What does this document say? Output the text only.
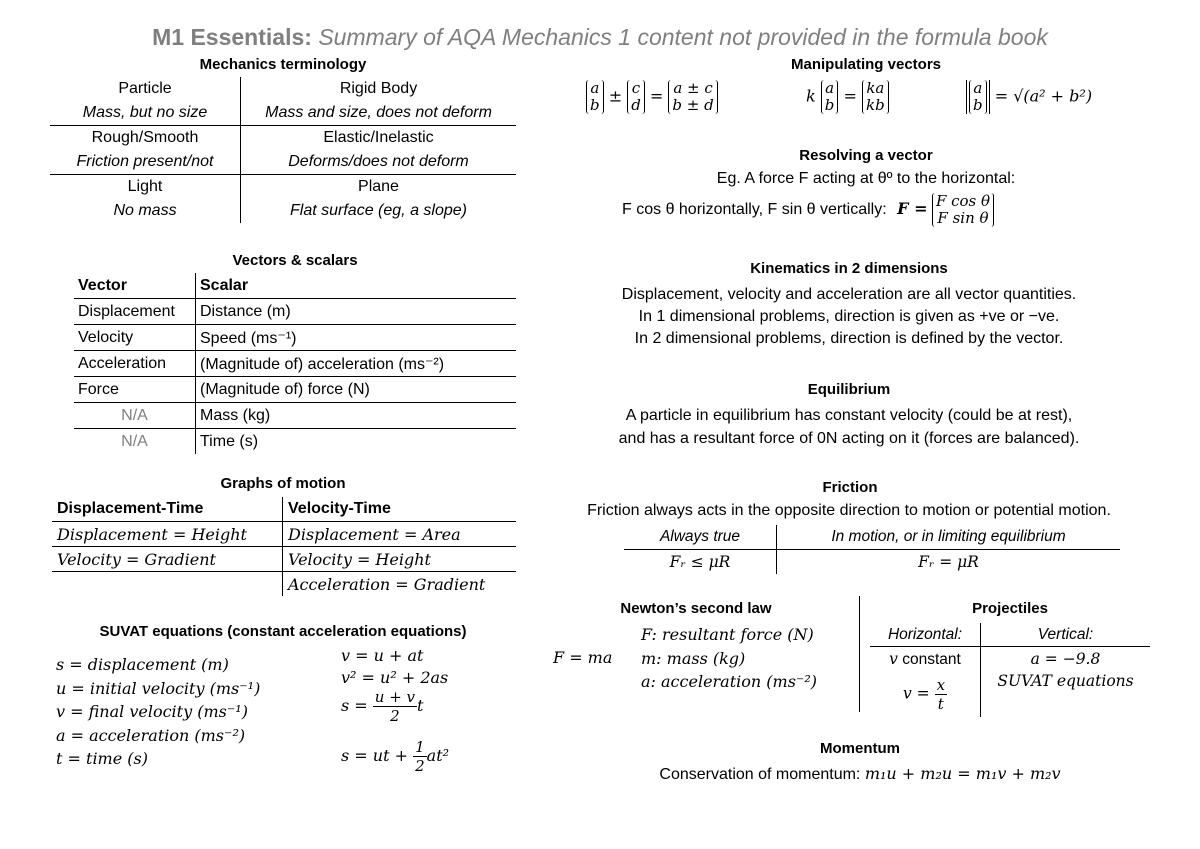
M1 Essentials: Summary of AQA Mechanics 1 content not provided in the formula book
Mechanics terminology
Particle	Rigid Body
Mass, but no size	Mass and size, does not deform
Rough/Smooth	Elastic/Inelastic
Friction present/not	Deforms/does not deform
Light	Plane
No mass	Flat surface (eg, a slope)
Vectors & scalars
Vector	Scalar
Displacement	Distance (m)
Velocity	Speed (ms⁻¹)
Acceleration	(Magnitude of) acceleration (ms⁻²)
Force	(Magnitude of) force (N)
N/A	Mass (kg)
N/A	Time (s)
Graphs of motion
Displacement-Time	Velocity-Time
Displacement = Height	Displacement = Area
Velocity = Gradient	Velocity = Height
	Acceleration = Gradient
SUVAT equations (constant acceleration equations)
s = displacement (m)
u = initial velocity (ms⁻¹)
v = final velocity (ms⁻¹)
a = acceleration (ms⁻²)
t = time (s)
v = u + at
v² = u² + 2as
$s = \frac{u + v}{2}$ t
s = ut + $\frac{1}{2} at^2$
Manipulating vectors
a
b ± c
d = a ± c
b ± d	k a
b = ka
kb
a
b = √(a² + b²)
Resolving a vector
Eg. A force F acting at θº to the horizontal:
F cos θ horizontally, F sin θ vertically: F = F cos θ
F sin θ
Kinematics in 2 dimensions
Displacement, velocity and acceleration are all vector quantities.
In 1 dimensional problems, direction is given as +ve or −ve.
In 2 dimensional problems, direction is defined by the vector.
Equilibrium
A particle in equilibrium has constant velocity (could be at rest),
and has a resultant force of 0N acting on it (forces are balanced).
Friction
Friction always acts in the opposite direction to motion or potential motion.
Always true	In motion, or in limiting equilibrium
Fᵣ ≤ μR	Fᵣ = μR
Newton’s second law
F = ma
F: resultant force (N)
m: mass (kg)
a: acceleration (ms⁻²)
Projectiles
Horizontal:	Vertical:
v constant	a = −9.8
$v = \frac{x}{t}$	SUVAT equations
Momentum
Conservation of momentum: m₁u + m₂u = m₁v + m₂v
